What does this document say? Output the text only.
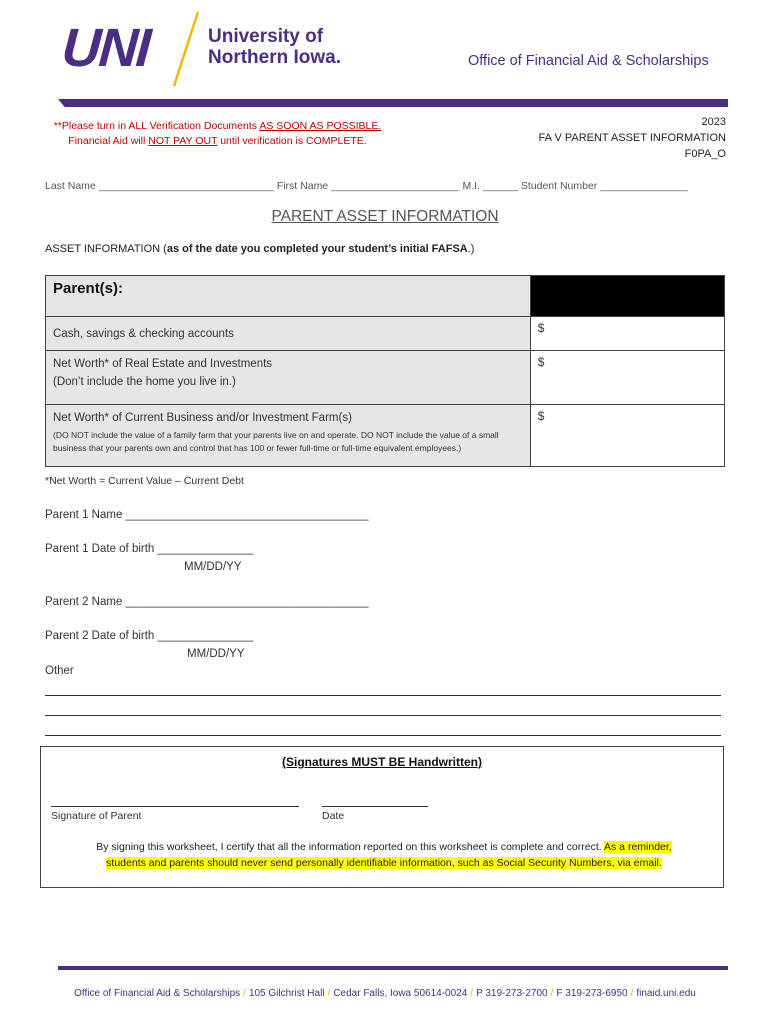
UNI	University of
Northern Iowa.	Office of Financial Aid & Scholarships
**Please turn in ALL Verification Documents AS SOON AS POSSIBLE.
Financial Aid will NOT PAY OUT until verification is COMPLETE.
2023
FA V PARENT ASSET INFORMATION
F0PA_O
Last Name ______________________________ First Name ______________________ M.I. ______ Student Number _______________
PARENT ASSET INFORMATION
ASSET INFORMATION (as of the date you completed your student’s initial FAFSA.)
Parent(s):	

Cash, savings & checking accounts	$

Net Worth* of Real Estate and Investments
(Don’t include the home you live in.)	$

Net Worth* of Current Business and/or Investment Farm(s)
(DO NOT include the value of a family farm that your parents live on and operate. DO NOT include the value of a small business that your parents own and control that has 100 or fewer full-time or full-time equivalent employees.)	$
*Net Worth = Current Value – Current Debt
Parent 1 Name ______________________________________
Parent 1 Date of birth _______________
MM/DD/YY
Parent 2 Name ______________________________________
Parent 2 Date of birth _______________
MM/DD/YY
Other
(Signatures MUST BE Handwritten)
Signature of Parent	Date
By signing this worksheet, I certify that all the information reported on this worksheet is complete and correct. As a reminder,
students and parents should never send personally identifiable information, such as Social Security Numbers, via email.
Office of Financial Aid & Scholarships / 105 Gilchrist Hall / Cedar Falls, Iowa 50614-0024 / P 319-273-2700 / F 319-273-6950 / finaid.uni.edu
